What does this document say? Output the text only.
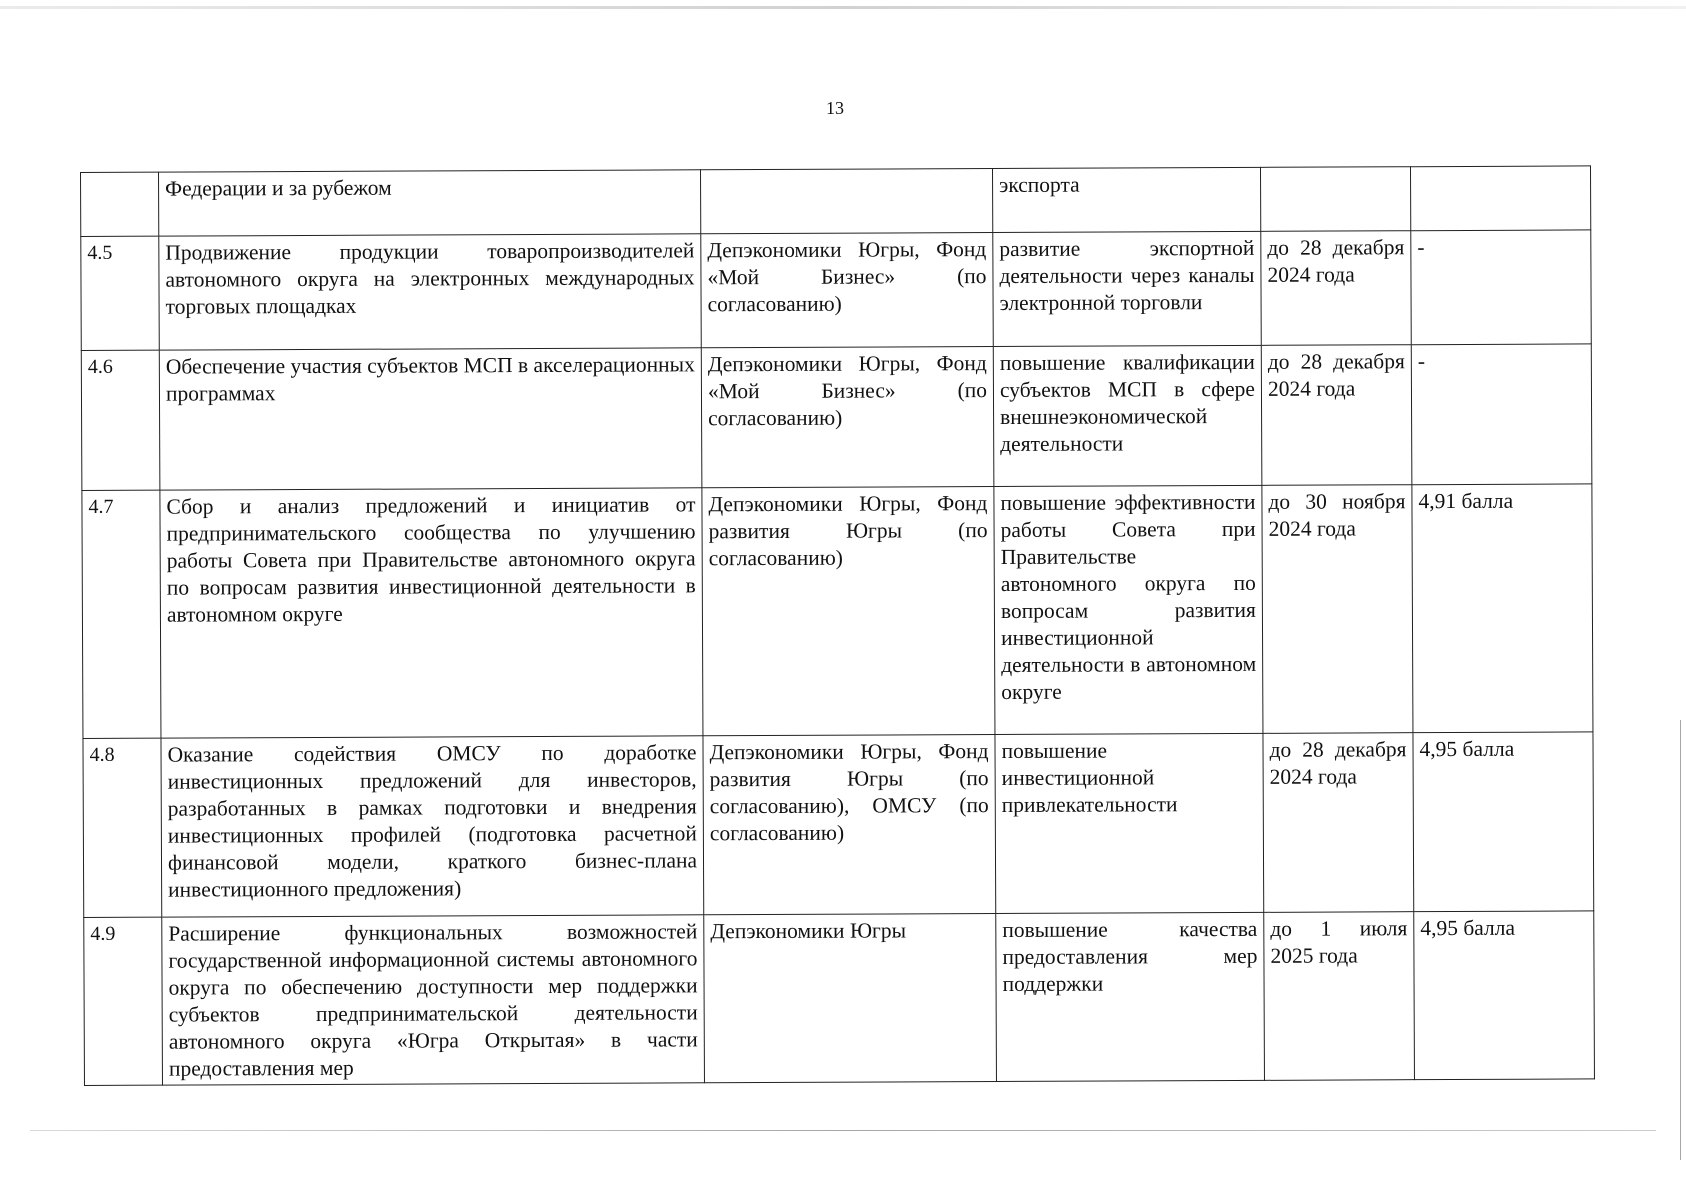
13
	Федерации и за рубежом		экспорта		
4.5	Продвижение продукции товаропроизводителей автономного округа на электронных международных торговых площадках	Депэкономики Югры, Фонд «Мой Бизнес» (по согласованию)	развитие экспортной деятельности через каналы электронной торговли	до 28 декабря 2024 года	-
4.6	Обеспечение участия субъектов МСП в акселерационных программах	Депэкономики Югры, Фонд «Мой Бизнес» (по согласованию)	повышение квалификации субъектов МСП в сфере внешнеэкономической деятельности	до 28 декабря 2024 года	-
4.7	Сбор и анализ предложений и инициатив от предпринимательского сообщества по улучшению работы Совета при Правительстве автономного округа по вопросам развития инвестиционной деятельности в автономном округе	Депэкономики Югры, Фонд развития Югры (по согласованию)	повышение эффективности работы Совета при Правительстве автономного округа по вопросам развития инвестиционной деятельности в автономном округе	до 30 ноября 2024 года	4,91 балла
4.8	Оказание содействия ОМСУ по доработке инвестиционных предложений для инвесторов, разработанных в рамках подготовки и внедрения инвестиционных профилей (подготовка расчетной финансовой модели, краткого бизнес-плана инвестиционного предложения)	Депэкономики Югры, Фонд развития Югры (по согласованию), ОМСУ (по согласованию)	повышение инвестиционной привлекательности	до 28 декабря 2024 года	4,95 балла
4.9	Расширение функциональных возможностей государственной информационной системы автономного округа по обеспечению доступности мер поддержки субъектов предпринимательской деятельности автономного округа «Югра Открытая» в части предоставления мер	Депэкономики Югры	повышение качества предоставления мер поддержки	до 1 июля 2025 года	4,95 балла
